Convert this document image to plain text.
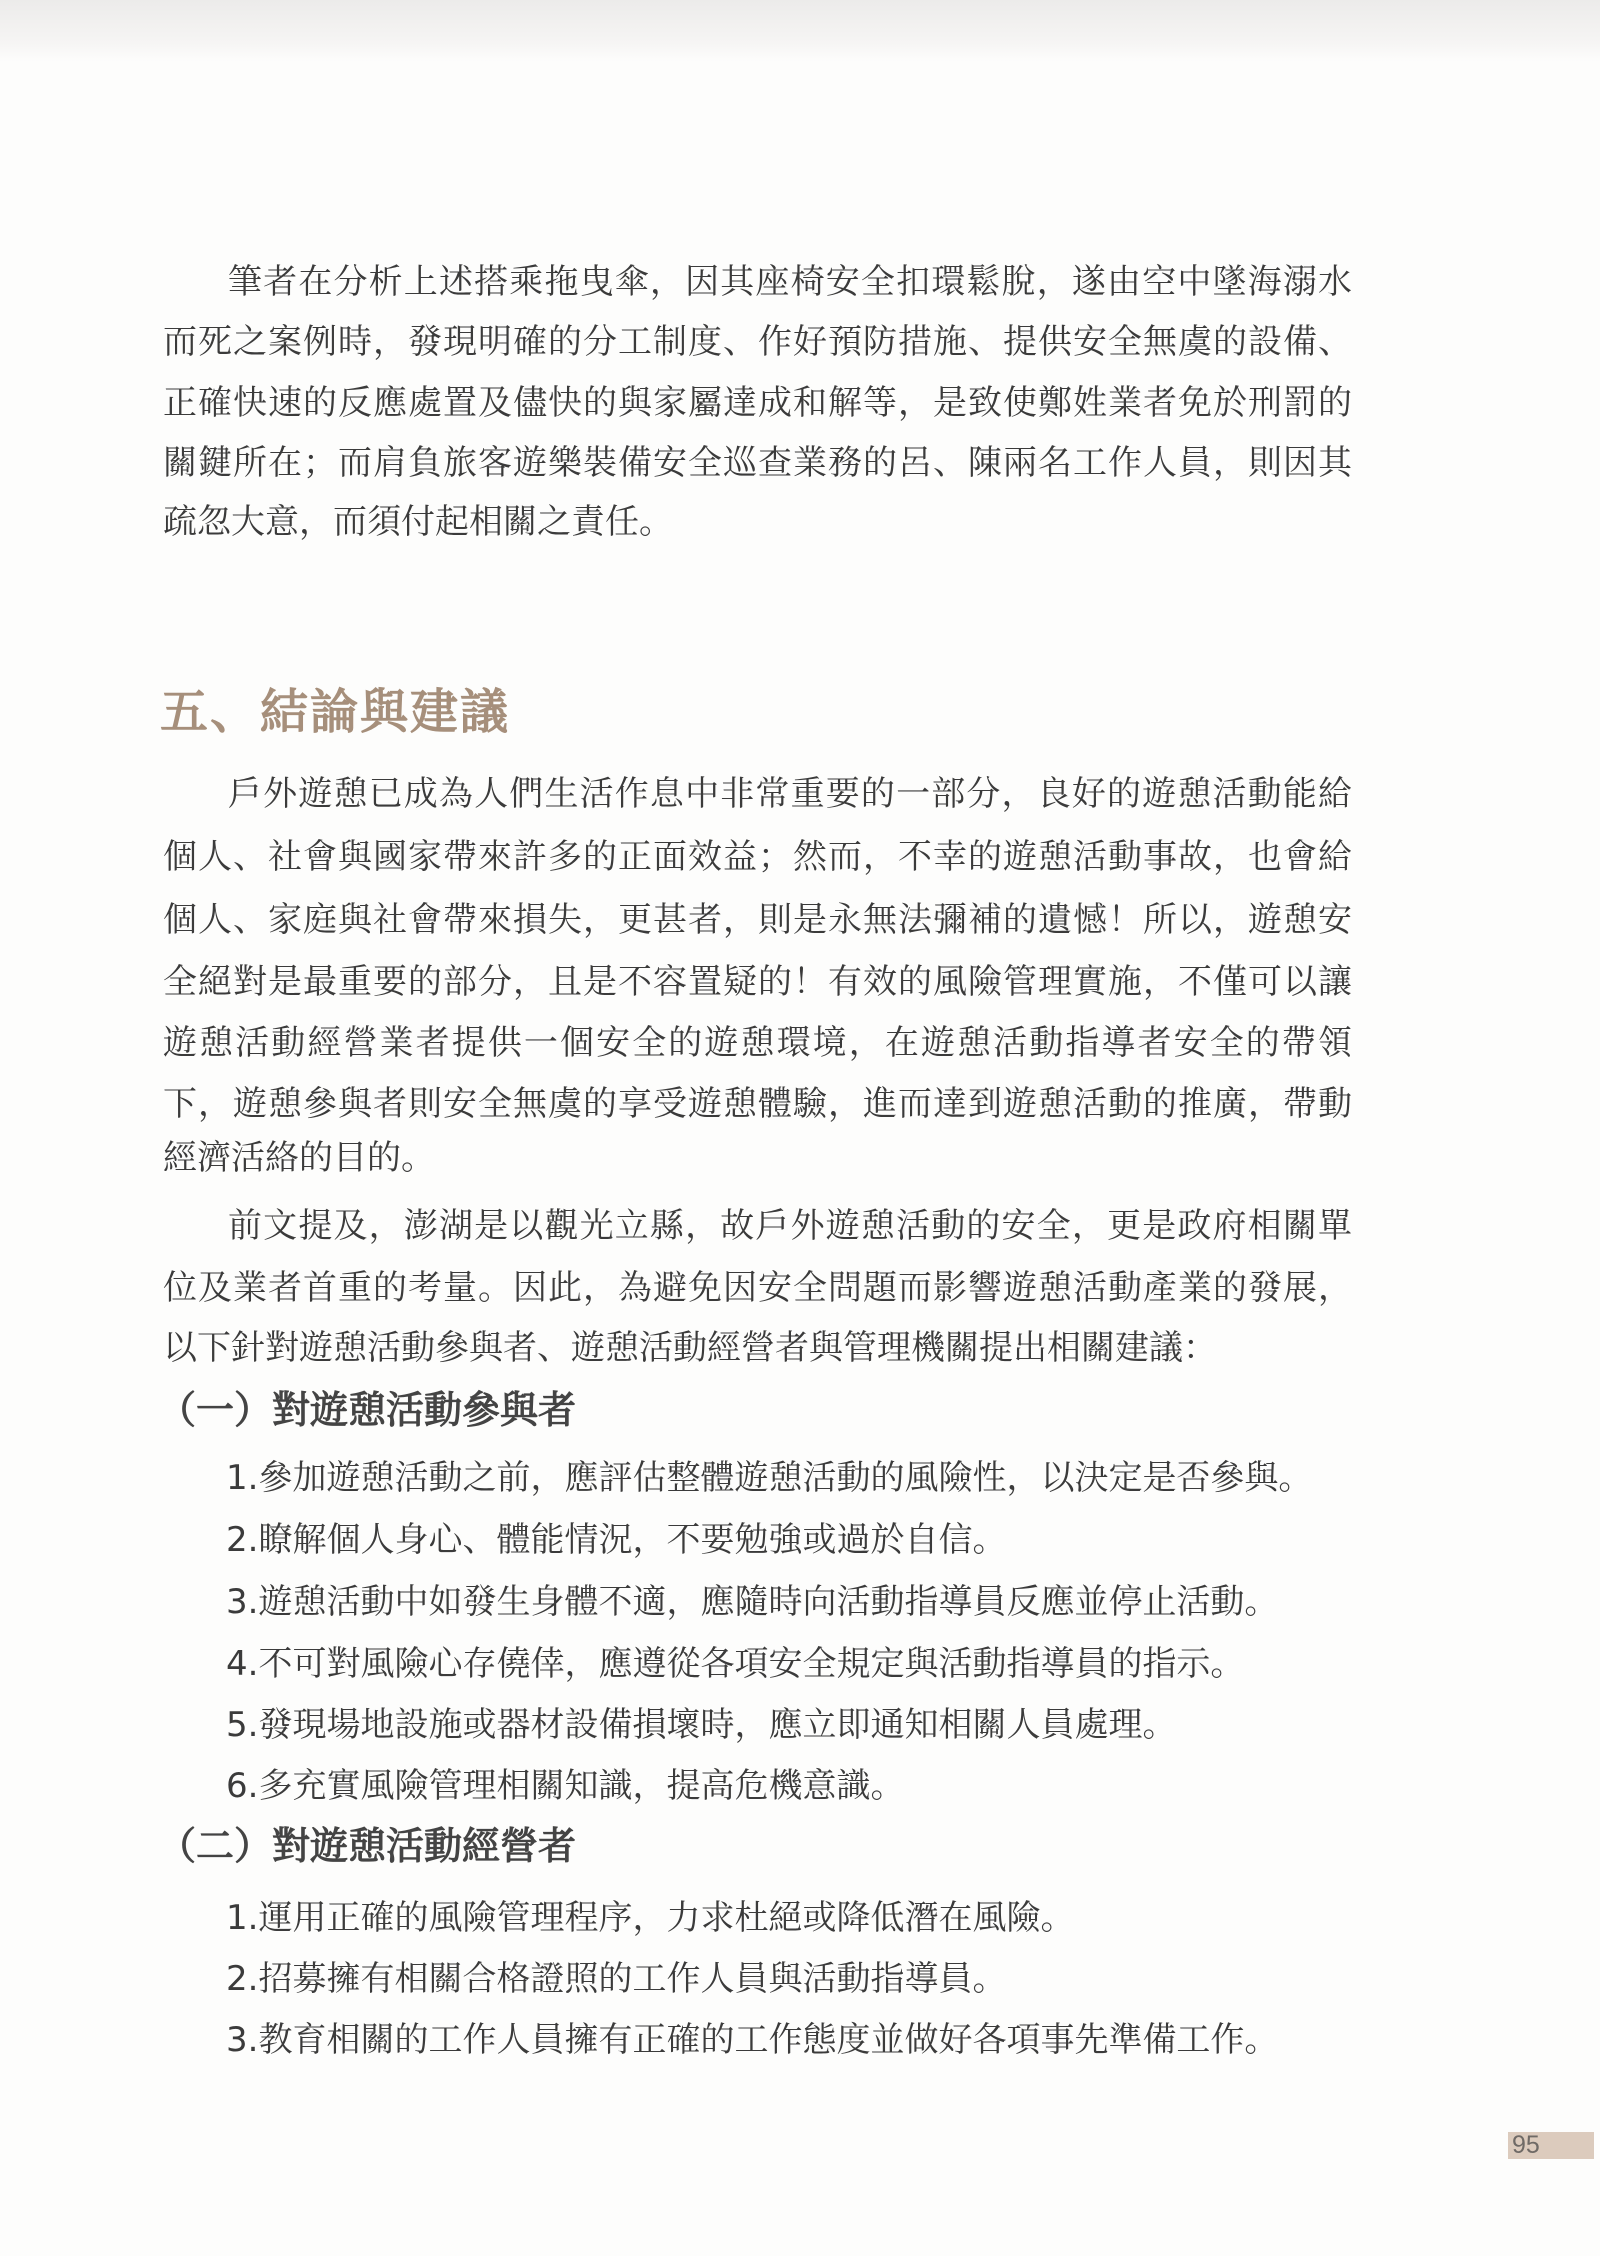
筆者在分析上述搭乘拖曳傘，因其座椅安全扣環鬆脫，遂由空中墜海溺水
而死之案例時，發現明確的分工制度、作好預防措施、提供安全無虞的設備、
正確快速的反應處置及儘快的與家屬達成和解等，是致使鄭姓業者免於刑罰的
關鍵所在；而肩負旅客遊樂裝備安全巡查業務的呂、陳兩名工作人員，則因其
疏忽大意，而須付起相關之責任。
五、結論與建議
戶外遊憩已成為人們生活作息中非常重要的一部分，良好的遊憩活動能給
個人、社會與國家帶來許多的正面效益；然而，不幸的遊憩活動事故，也會給
個人、家庭與社會帶來損失，更甚者，則是永無法彌補的遺憾！所以，遊憩安
全絕對是最重要的部分，且是不容置疑的！有效的風險管理實施，不僅可以讓
遊憩活動經營業者提供一個安全的遊憩環境，在遊憩活動指導者安全的帶領
下，遊憩參與者則安全無虞的享受遊憩體驗，進而達到遊憩活動的推廣，帶動
經濟活絡的目的。
前文提及，澎湖是以觀光立縣，故戶外遊憩活動的安全，更是政府相關單
位及業者首重的考量。因此，為避免因安全問題而影響遊憩活動產業的發展，
以下針對遊憩活動參與者、遊憩活動經營者與管理機關提出相關建議：
（一）對遊憩活動參與者
1.參加遊憩活動之前，應評估整體遊憩活動的風險性，以決定是否參與。
2.瞭解個人身心、體能情況，不要勉強或過於自信。
3.遊憩活動中如發生身體不適，應隨時向活動指導員反應並停止活動。
4.不可對風險心存僥倖，應遵從各項安全規定與活動指導員的指示。
5.發現場地設施或器材設備損壞時，應立即通知相關人員處理。
6.多充實風險管理相關知識，提高危機意識。
（二）對遊憩活動經營者
1.運用正確的風險管理程序，力求杜絕或降低潛在風險。
2.招募擁有相關合格證照的工作人員與活動指導員。
3.教育相關的工作人員擁有正確的工作態度並做好各項事先準備工作。
95
